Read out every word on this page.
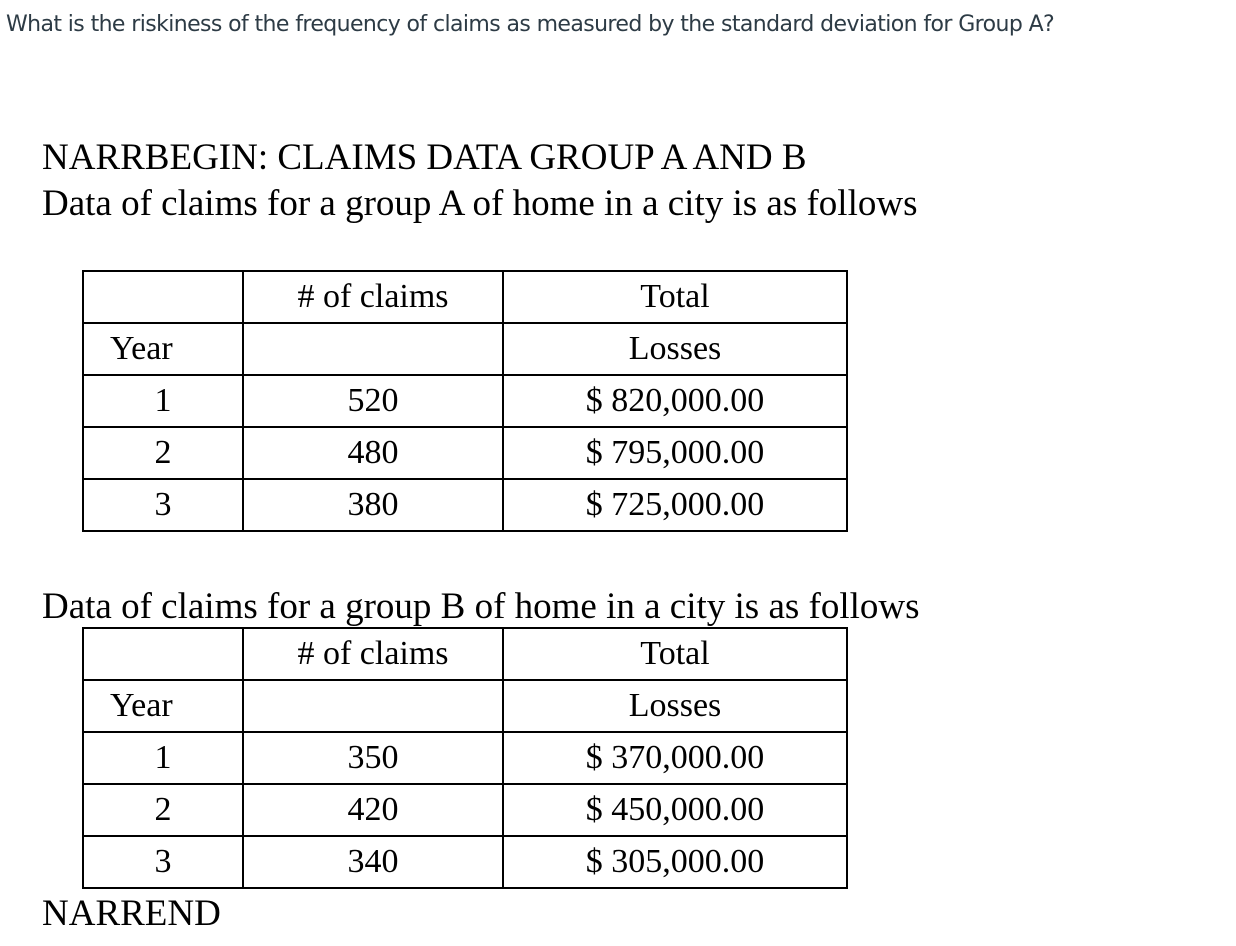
What is the riskiness of the frequency of claims as measured by the standard deviation for Group A?
NARRBEGIN: CLAIMS DATA GROUP A AND B
Data of claims for a group A of home in a city is as follows
	# of claims	Total
Year		Losses
1	520	$ 820,000.00
2	480	$ 795,000.00
3	380	$ 725,000.00
Data of claims for a group B of home in a city is as follows
	# of claims	Total
Year		Losses
1	350	$ 370,000.00
2	420	$ 450,000.00
3	340	$ 305,000.00
NARREND
